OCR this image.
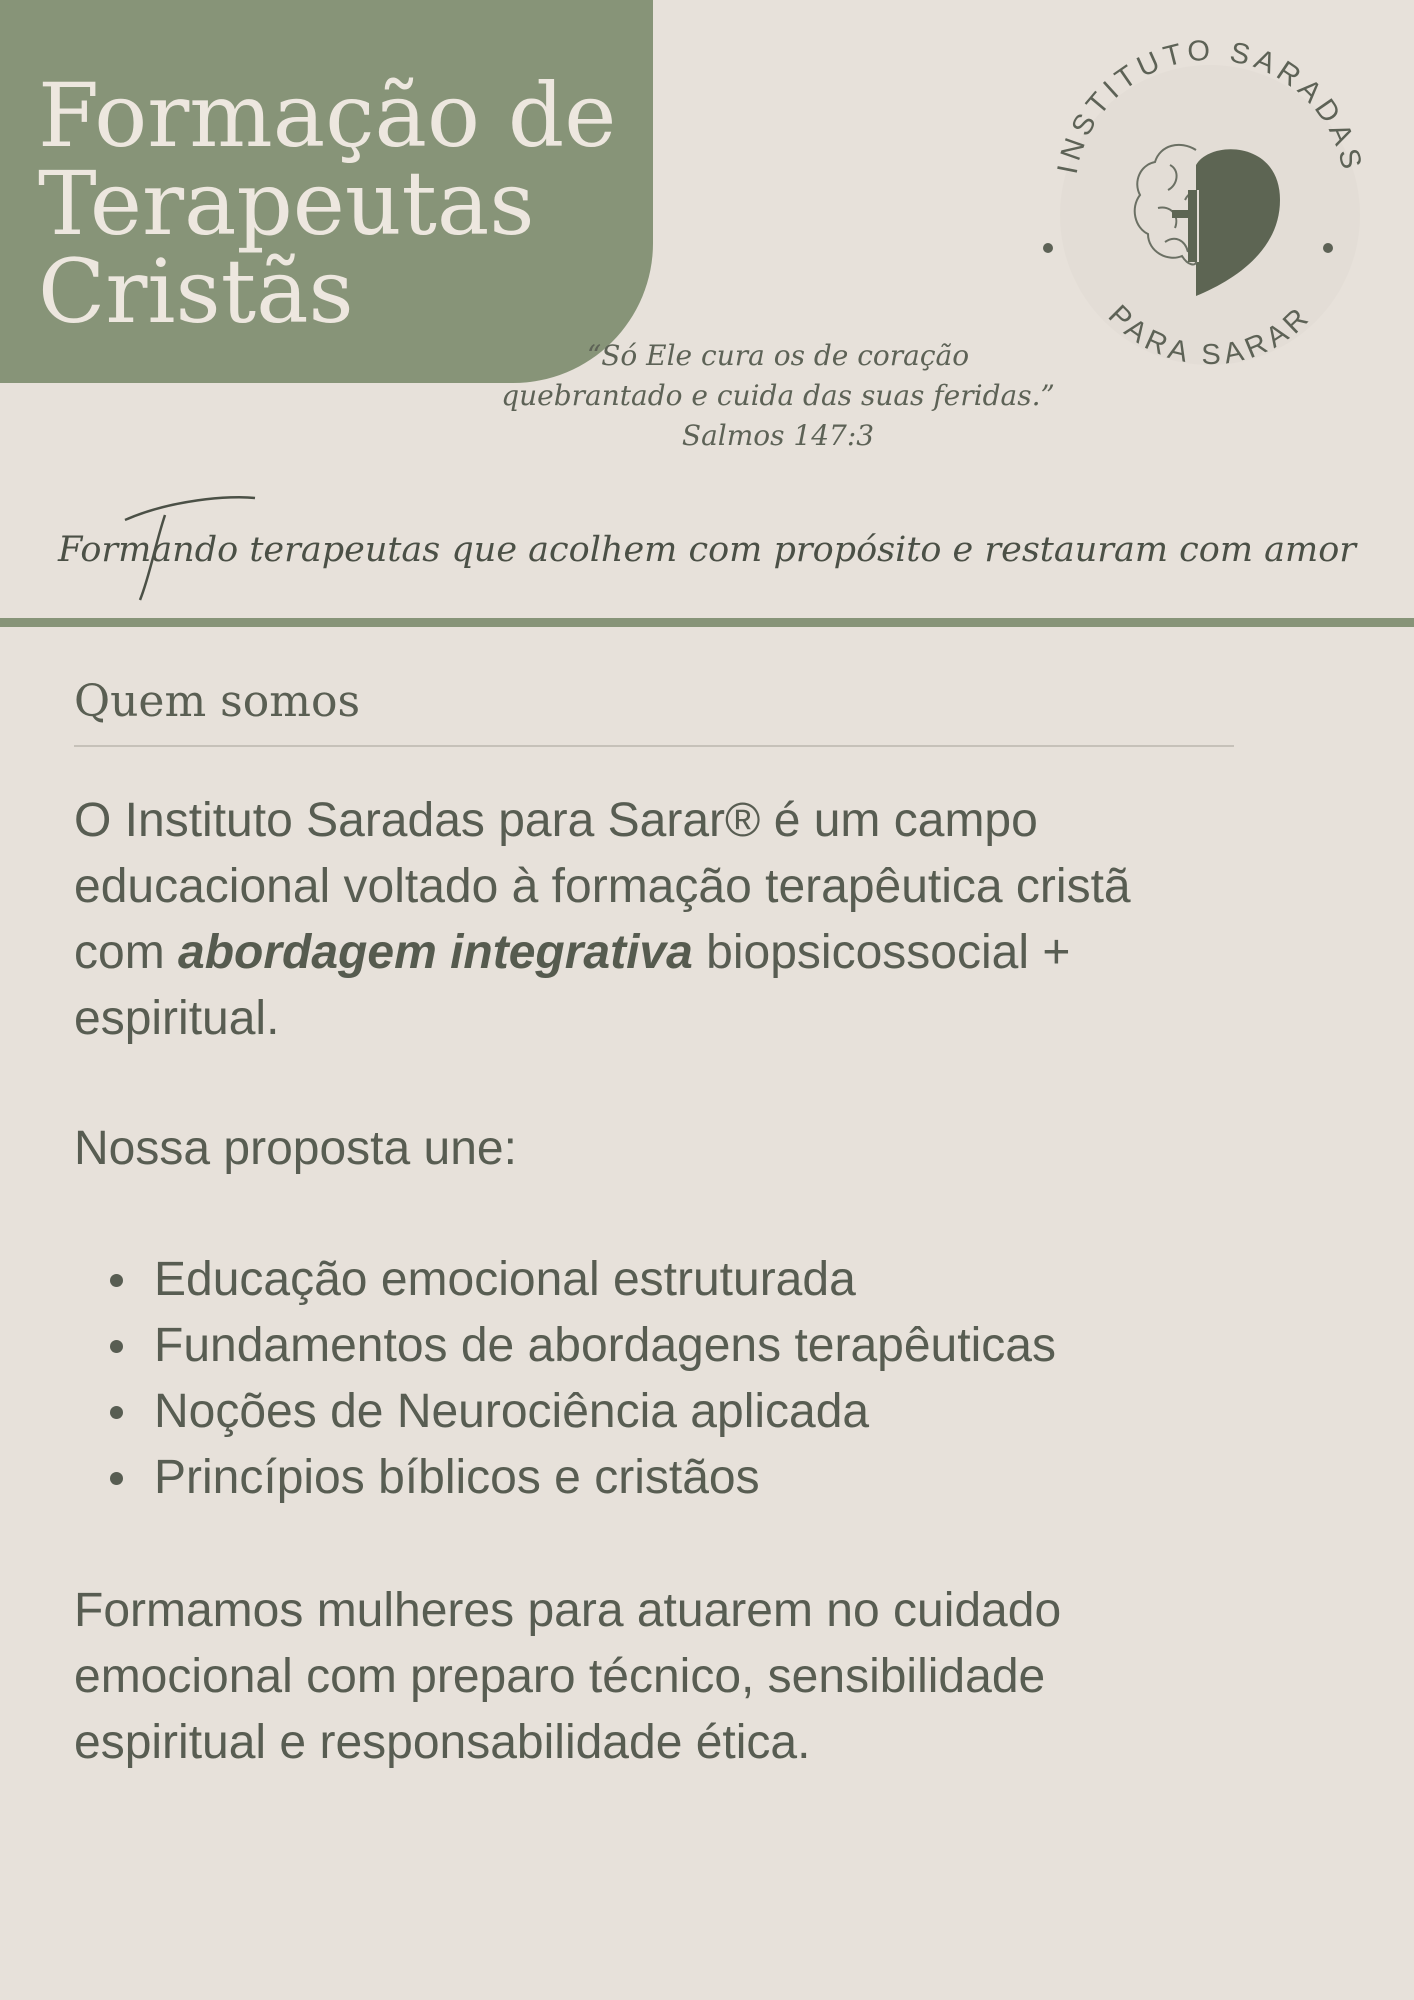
Formação de
Terapeutas
Cristãs
INSTITUTO SARADAS
PARA SARAR
“Só Ele cura os de coração
quebrantado e cuida das suas feridas.”
Salmos 147:3
Formando terapeutas que acolhem com propósito e restauram com amor
Quem somos
O Instituto Saradas para Sarar® é um campo
educacional voltado à formação terapêutica cristã
com abordagem integrativa biopsicossocial +
espiritual.
Nossa proposta une:
Educação emocional estruturada
Fundamentos de abordagens terapêuticas
Noções de Neurociência aplicada
Princípios bíblicos e cristãos
Formamos mulheres para atuarem no cuidado
emocional com preparo técnico, sensibilidade
espiritual e responsabilidade ética.
